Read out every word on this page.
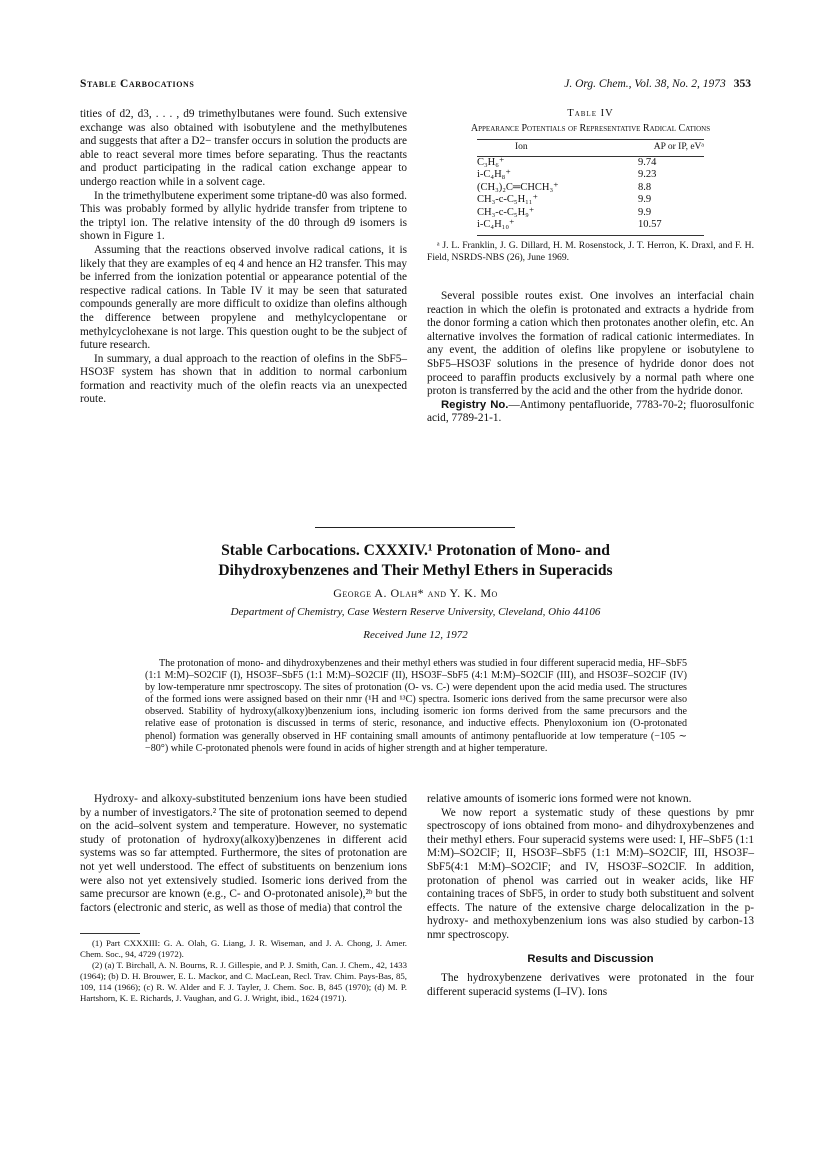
Stable Carbocations	J. Org. Chem., Vol. 38, No. 2, 1973 353

tities of d2, d3, . . . , d9 trimethylbutanes were found. Such extensive exchange was also obtained with isobutylene and the methylbutenes and suggests that after a D2− transfer occurs in solution the products are able to react several more times before separating. Thus the reactants and product participating in the radical cation exchange appear to undergo reaction while in a solvent cage.

In the trimethylbutene experiment some triptane-d0 was also formed. This was probably formed by allylic hydride transfer from triptene to the triptyl ion. The relative intensity of the d0 through d9 isomers is shown in Figure 1.

Assuming that the reactions observed involve radical cations, it is likely that they are examples of eq 4 and hence an H2 transfer. This may be inferred from the ionization potential or appearance potential of the respective radical cations. In Table IV it may be seen that saturated compounds generally are more difficult to oxidize than olefins although the difference between propylene and methylcyclopentane or methylcyclohexane is not large. This question ought to be the subject of future research.

In summary, a dual approach to the reaction of olefins in the SbF5–HSO3F system has shown that in addition to normal carbonium formation and reactivity much of the olefin reacts via an unexpected route.

Table IV
Appearance Potentials of Representative Radical Cations
Ion	AP or IP, eVᵃ
C₃H₆⁺	9.74
i-C₄H₈⁺	9.23
(CH₃)₂C═CHCH₃⁺	8.8
CH₃-c-C₅H₁₁⁺	9.9
CH₃-c-C₅H₉⁺	9.9
i-C₄H₁₀⁺	10.57
ᵃ J. L. Franklin, J. G. Dillard, H. M. Rosenstock, J. T. Herron, K. Draxl, and F. H. Field, NSRDS-NBS (26), June 1969.

Several possible routes exist. One involves an interfacial chain reaction in which the olefin is protonated and extracts a hydride from the donor forming a cation which then protonates another olefin, etc. An alternative involves the formation of radical cationic intermediates. In any event, the addition of olefins like propylene or isobutylene to SbF5–HSO3F solutions in the presence of hydride donor does not proceed to paraffin products exclusively by a normal path where one proton is transferred by the acid and the other from the hydride donor.

Registry No.—Antimony pentafluoride, 7783-70-2; fluorosulfonic acid, 7789-21-1.

Stable Carbocations. CXXXIV.¹ Protonation of Mono- and
Dihydroxybenzenes and Their Methyl Ethers in Superacids
George A. Olah* and Y. K. Mo
Department of Chemistry, Case Western Reserve University, Cleveland, Ohio 44106
Received June 12, 1972
The protonation of mono- and dihydroxybenzenes and their methyl ethers was studied in four different superacid media, HF–SbF5 (1:1 M:M)–SO2ClF (I), HSO3F–SbF5 (1:1 M:M)–SO2ClF (II), HSO3F–SbF5 (4:1 M:M)–SO2ClF (III), and HSO3F–SO2ClF (IV) by low-temperature nmr spectroscopy. The sites of protonation (O- vs. C-) were dependent upon the acid media used. The structures of the formed ions were assigned based on their nmr (¹H and ¹³C) spectra. Isomeric ions derived from the same precursor were also observed. Stability of hydroxy(alkoxy)benzenium ions, including isomeric ion forms derived from the same precursors and the relative ease of protonation is discussed in terms of steric, resonance, and inductive effects. Phenyloxonium ion (O-protonated phenol) formation was generally observed in HF containing small amounts of antimony pentafluoride at low temperature (−105 ∼ −80°) while C-protonated phenols were found in acids of higher strength and at higher temperature.

Hydroxy- and alkoxy-substituted benzenium ions have been studied by a number of investigators.² The site of protonation seemed to depend on the acid–solvent system and temperature. However, no systematic study of protonation of hydroxy(alkoxy)benzenes in different acid systems was so far attempted. Furthermore, the sites of protonation are not yet well understood. The effect of substituents on benzenium ions were also not yet extensively studied. Isomeric ions derived from the same precursor are known (e.g., C- and O-protonated anisole),²ᵇ but the factors (electronic and steric, as well as those of media) that control the

(1) Part CXXXIII: G. A. Olah, G. Liang, J. R. Wiseman, and J. A. Chong, J. Amer. Chem. Soc., 94, 4729 (1972).

(2) (a) T. Birchall, A. N. Bourns, R. J. Gillespie, and P. J. Smith, Can. J. Chem., 42, 1433 (1964); (b) D. H. Brouwer, E. L. Mackor, and C. MacLean, Recl. Trav. Chim. Pays-Bas, 85, 109, 114 (1966); (c) R. W. Alder and F. J. Tayler, J. Chem. Soc. B, 845 (1970); (d) M. P. Hartshorn, K. E. Richards, J. Vaughan, and G. J. Wright, ibid., 1624 (1971).

relative amounts of isomeric ions formed were not known.

We now report a systematic study of these questions by pmr spectroscopy of ions obtained from mono- and dihydroxybenzenes and their methyl ethers. Four superacid systems were used: I, HF–SbF5 (1:1 M:M)–SO2ClF; II, HSO3F–SbF5 (1:1 M:M)–SO2ClF, III, HSO3F–SbF5(4:1 M:M)–SO2ClF; and IV, HSO3F–SO2ClF. In addition, protonation of phenol was carried out in weaker acids, like HF containing traces of SbF5, in order to study both substituent and solvent effects. The nature of the extensive charge delocalization in the p-hydroxy- and methoxybenzenium ions was also studied by carbon-13 nmr spectroscopy.

Results and Discussion

The hydroxybenzene derivatives were protonated in the four different superacid systems (I–IV). Ions
